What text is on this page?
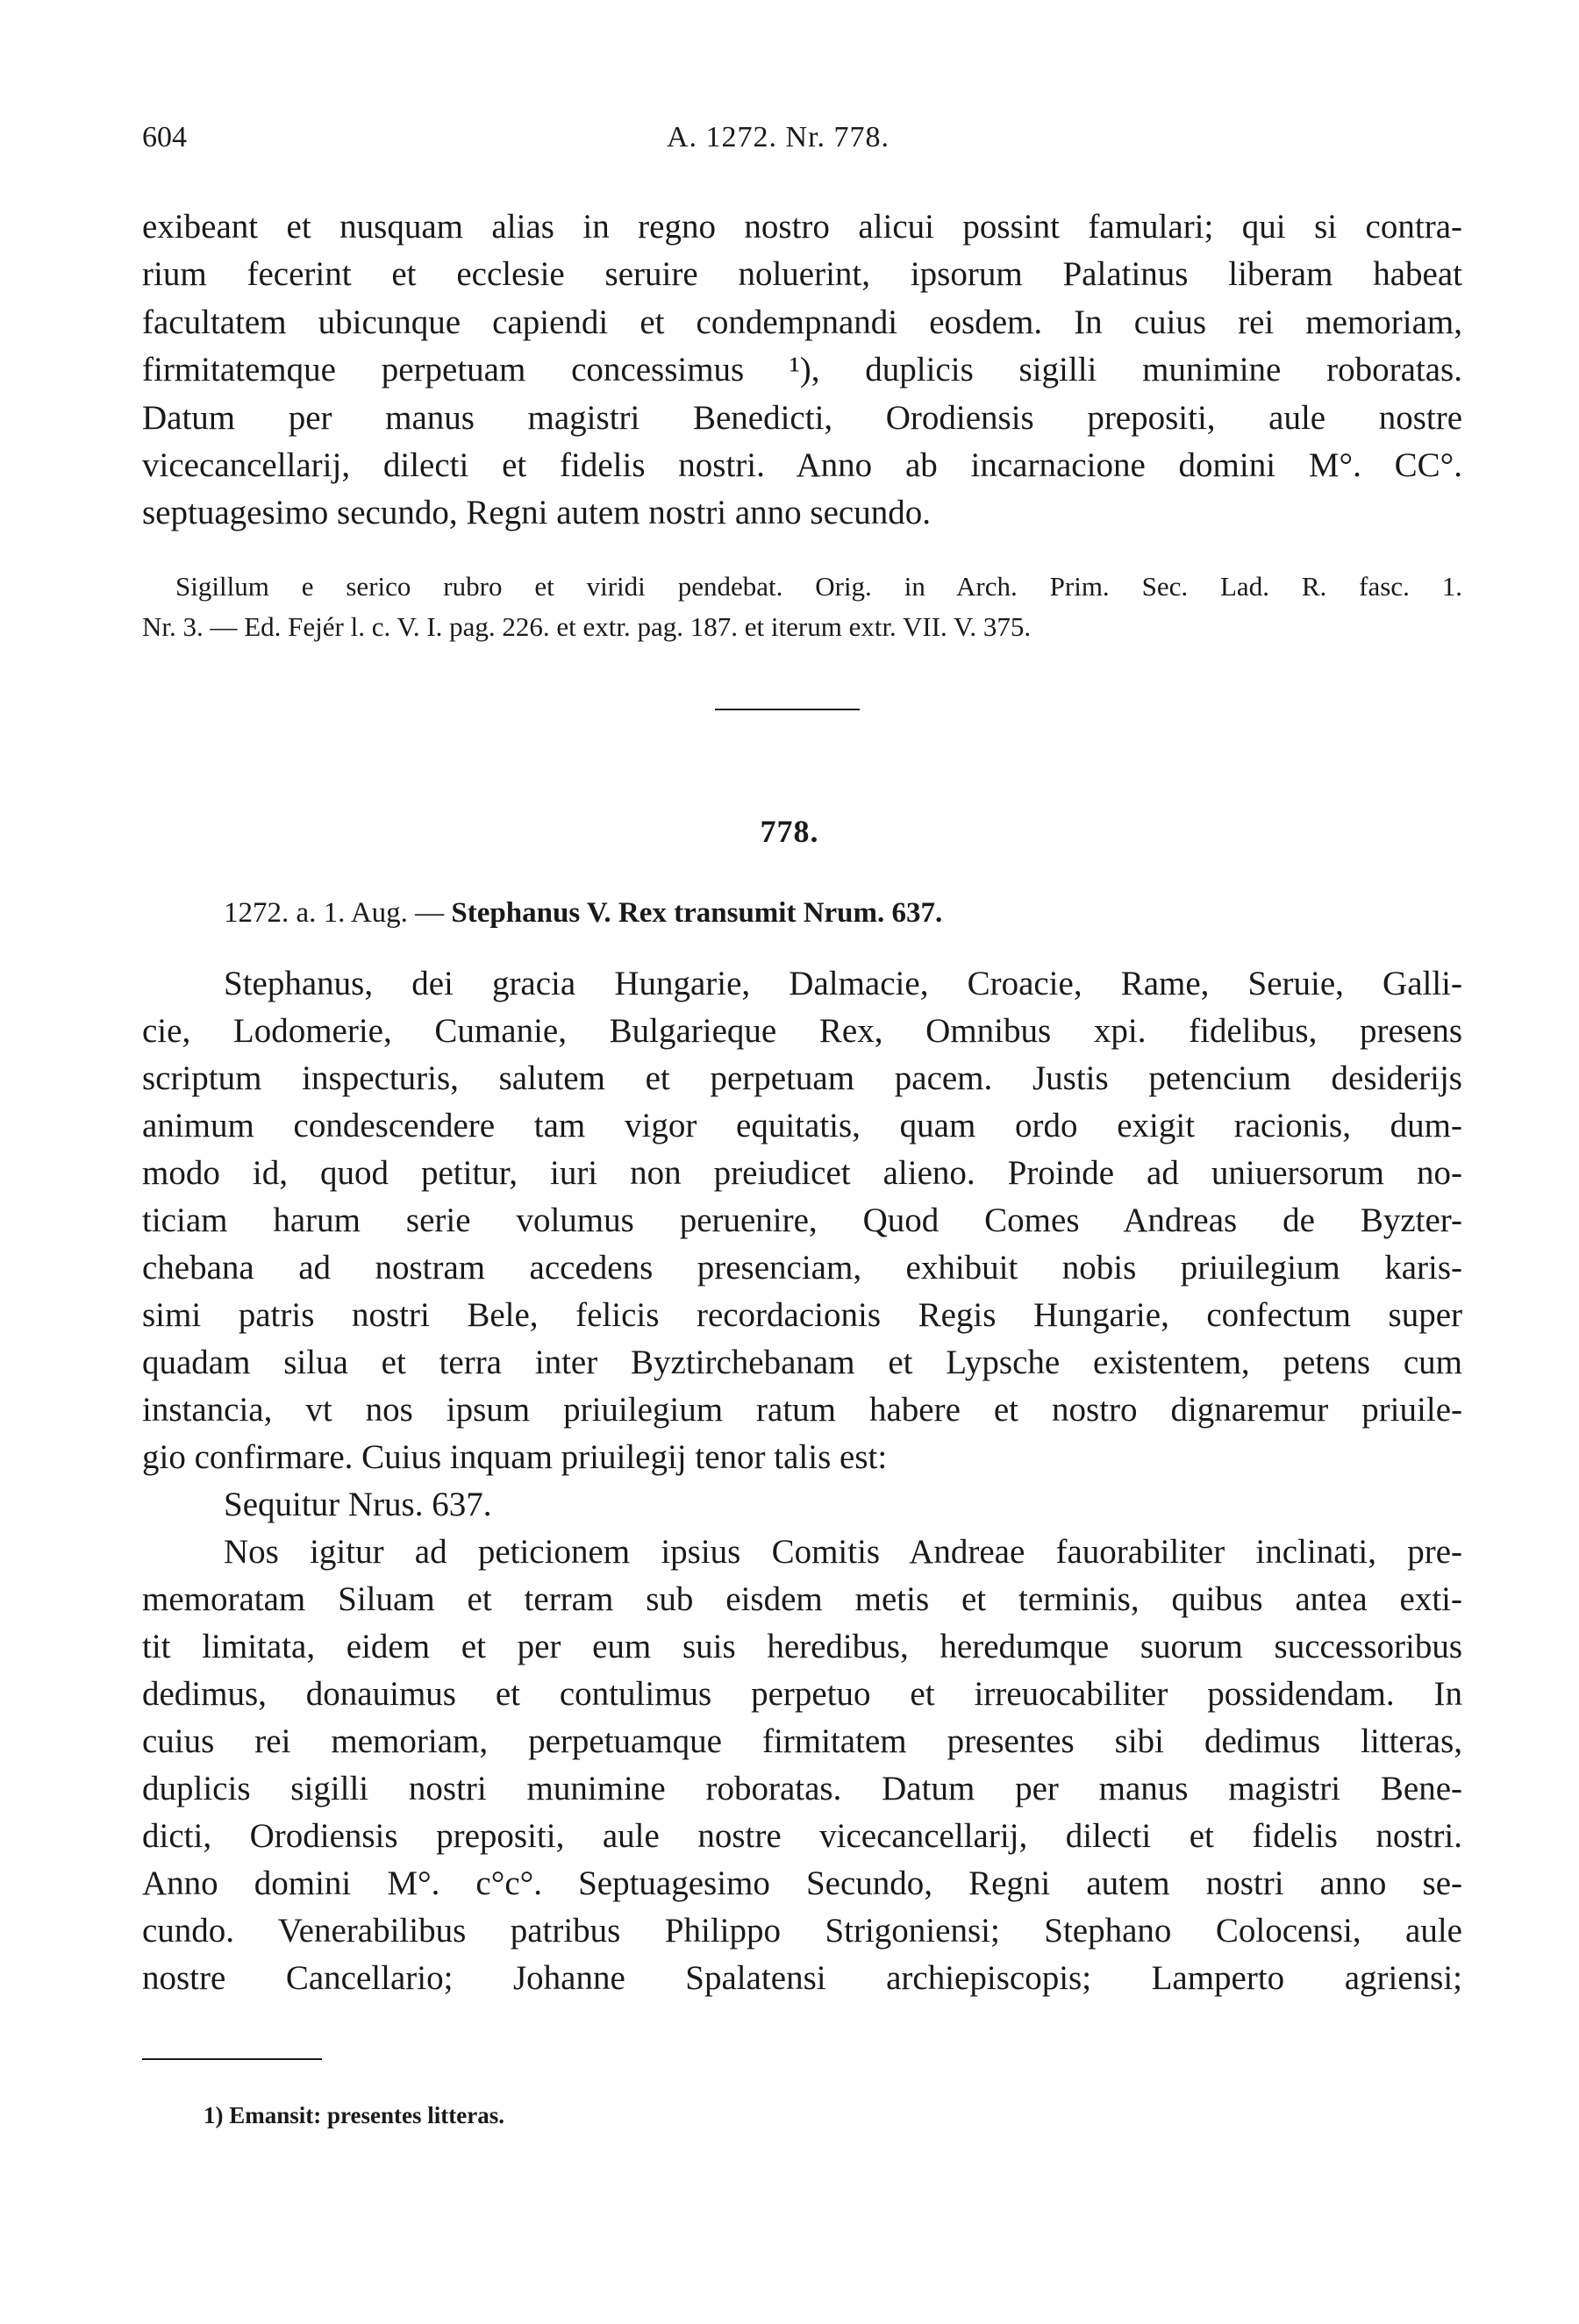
604	A. 1272. Nr. 778.
exibeant et nusquam alias in regno nostro alicui possint famulari; qui si contra-
rium fecerint et ecclesie seruire noluerint, ipsorum Palatinus liberam habeat
facultatem ubicunque capiendi et condempnandi eosdem. In cuius rei memoriam,
firmitatemque perpetuam concessimus ¹), duplicis sigilli munimine roboratas.
Datum per manus magistri Benedicti, Orodiensis prepositi, aule nostre
vicecancellarij, dilecti et fidelis nostri. Anno ab incarnacione domini M°. CC°.
septuagesimo secundo, Regni autem nostri anno secundo.
Sigillum e serico rubro et viridi pendebat. Orig. in Arch. Prim. Sec. Lad. R. fasc. 1.
Nr. 3. — Ed. Fejér l. c. V. I. pag. 226. et extr. pag. 187. et iterum extr. VII. V. 375.
778.
1272. a. 1. Aug. — Stephanus V. Rex transumit Nrum. 637.
Stephanus, dei gracia Hungarie, Dalmacie, Croacie, Rame, Seruie, Galli-
cie, Lodomerie, Cumanie, Bulgarieque Rex, Omnibus xpi. fidelibus, presens
scriptum inspecturis, salutem et perpetuam pacem. Justis petencium desiderijs
animum condescendere tam vigor equitatis, quam ordo exigit racionis, dum-
modo id, quod petitur, iuri non preiudicet alieno. Proinde ad uniuersorum no-
ticiam harum serie volumus peruenire, Quod Comes Andreas de Byzter-
chebana ad nostram accedens presenciam, exhibuit nobis priuilegium karis-
simi patris nostri Bele, felicis recordacionis Regis Hungarie, confectum super
quadam silua et terra inter Byztirchebanam et Lypsche existentem, petens cum
instancia, vt nos ipsum priuilegium ratum habere et nostro dignaremur priuile-
gio confirmare. Cuius inquam priuilegij tenor talis est:
Sequitur Nrus. 637.
Nos igitur ad peticionem ipsius Comitis Andreae fauorabiliter inclinati, pre-
memoratam Siluam et terram sub eisdem metis et terminis, quibus antea exti-
tit limitata, eidem et per eum suis heredibus, heredumque suorum successoribus
dedimus, donauimus et contulimus perpetuo et irreuocabiliter possidendam. In
cuius rei memoriam, perpetuamque firmitatem presentes sibi dedimus litteras,
duplicis sigilli nostri munimine roboratas. Datum per manus magistri Bene-
dicti, Orodiensis prepositi, aule nostre vicecancellarij, dilecti et fidelis nostri.
Anno domini M°. c°c°. Septuagesimo Secundo, Regni autem nostri anno se-
cundo. Venerabilibus patribus Philippo Strigoniensi; Stephano Colocensi, aule
nostre Cancellario; Johanne Spalatensi archiepiscopis; Lamperto agriensi;
1) Emansit: presentes litteras.
